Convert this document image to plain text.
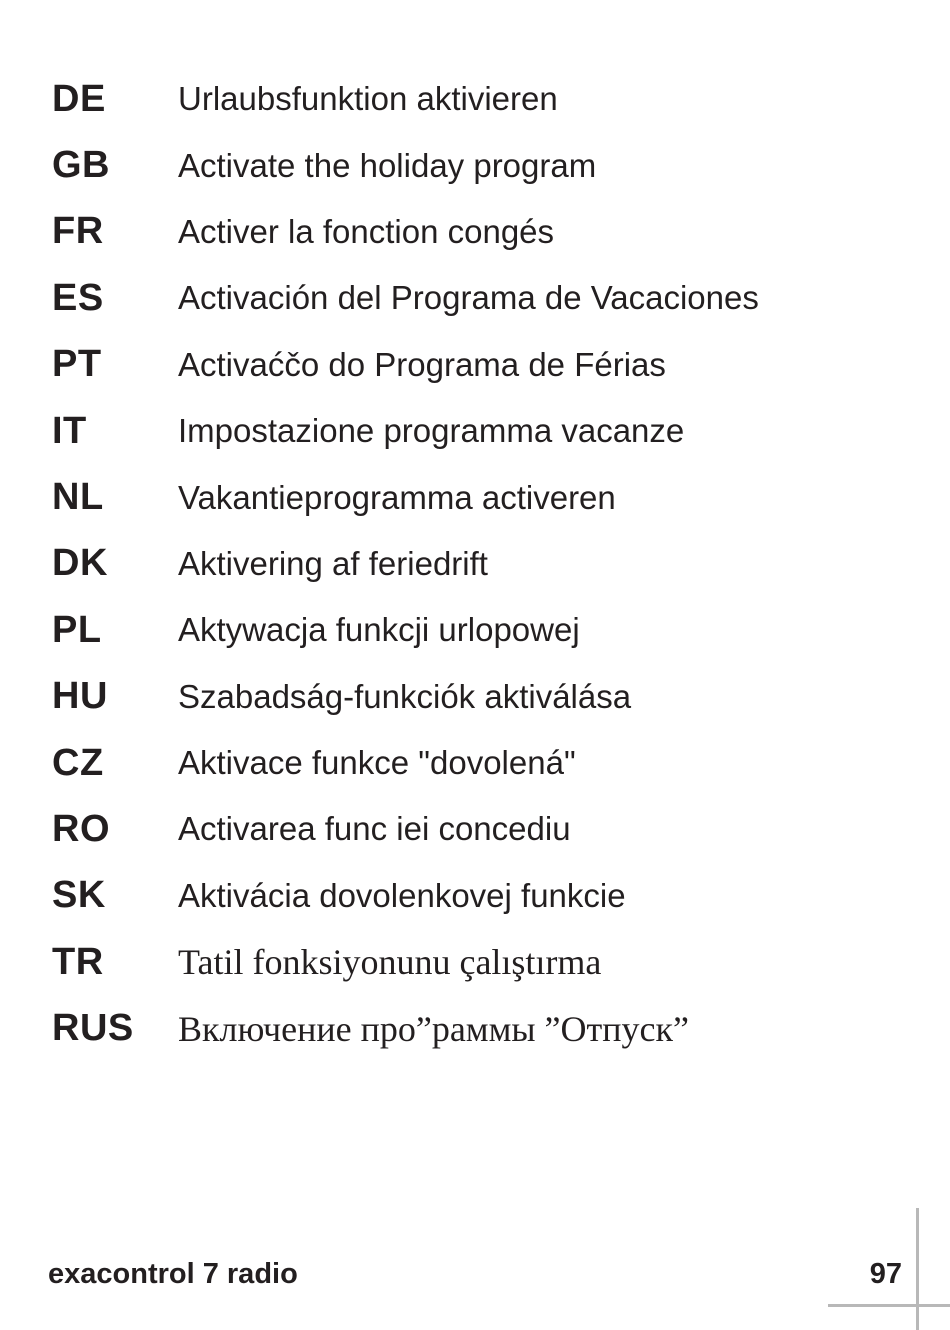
DE	Urlaubsfunktion aktivieren
GB	Activate the holiday program
FR	Activer la fonction congés
ES	Activación del Programa de Vacaciones
PT	Activaćčo do Programa de Férias
IT	Impostazione programma vacanze
NL	Vakantieprogramma activeren
DK	Aktivering af feriedrift
PL	Aktywacja funkcji urlopowej
HU	Szabadság-funkciók aktiválása
CZ	Aktivace funkce "dovolená"
RO	Activarea func iei concediu
SK	Aktivácia dovolenkovej funkcie
TR	Tatil fonksiyonunu çalıştırma
RUS	Включение про”раммы ”Отпуск”
exacontrol 7 radio	97
